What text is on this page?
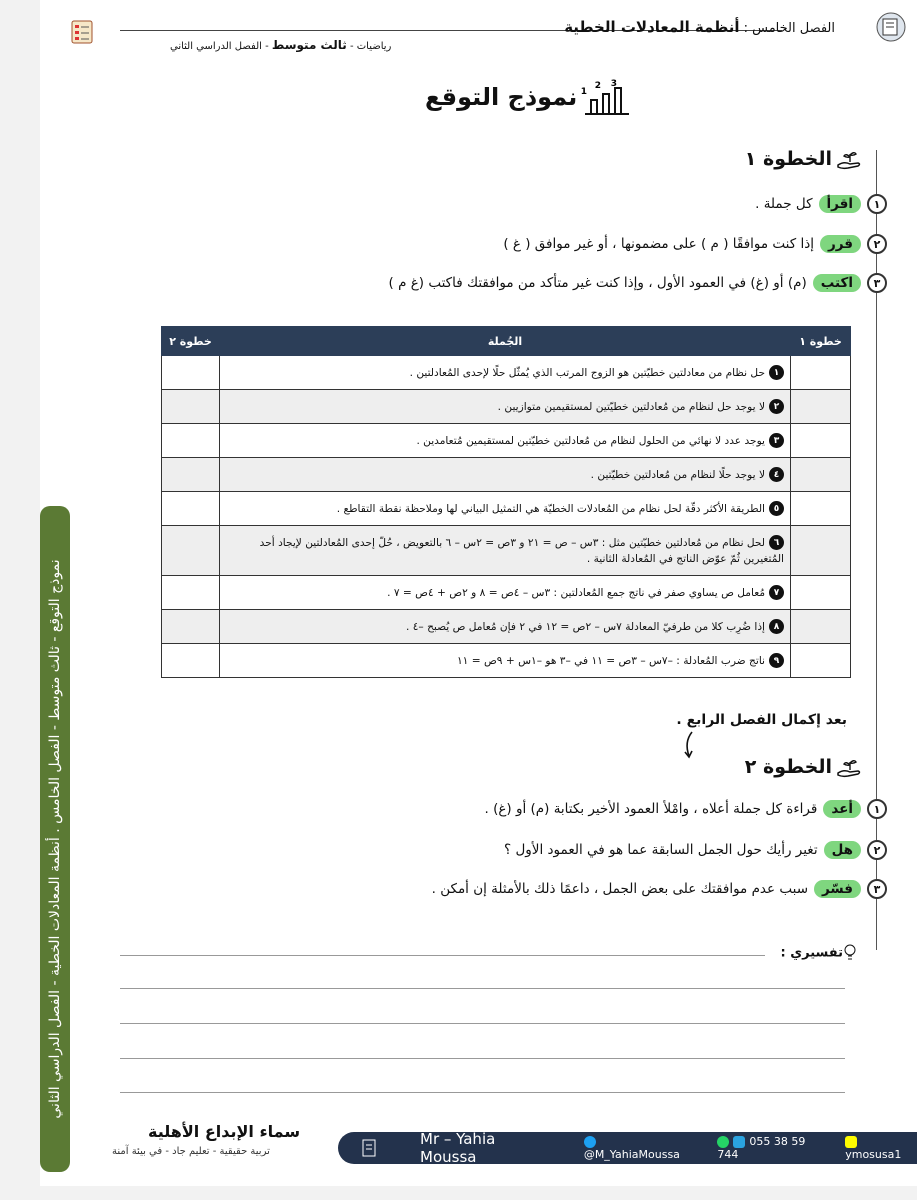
الفصل الخامس : أنظمة المعادلات الخطية
رياضيات - ثالث متوسط - الفصل الدراسي الثاني
1
2 3
نموذج التوقع
الخطوة ١
١
اقرأ
كل جملة .
٢
قرر
إذا كنت موافقًا ( م ) على مضمونها ، أو غير موافق ( غ )
٣
اكتب
(م) أو (غ) في العمود الأول ، وإذا كنت غير متأكد من موافقتك فاكتب (غ م )
خطوة ١	الجُملة	خطوة ٢
	١حل نظام من معادلتين خطيّتين هو الزوج المرتب الذي يُمثّل حلًا لإحدى المُعادلتين .	
	٢لا يوجد حل لنظام من مُعادلتين خطيّتين لمستقيمين متوازيين .	
	٣يوجد عدد لا نهائي من الحلول لنظام من مُعادلتين خطيّتين لمستقيمين مُتعامدين .	
	٤لا يوجد حلًا لنظام من مُعادلتين خطيّتين .	
	٥الطريقة الأكثر دقّة لحل نظام من المُعادلات الخطيّة هي التمثيل البياني لها وملاحظة نقطة التقاطع .	
	٦لحل نظام من مُعادلتين خطيّتين مثل : ٣س – ص = ٢١ و ٣ص = ٢س – ٦ بالتعويض ، حُلّ إحدى المُعادلتين لإيجاد أحد المُتغيرين ثُمّ عوّض الناتج في المُعادلة الثانية .	
	٧مُعامل ص يساوي صفر في ناتج جمع المُعادلتين : ٣س – ٤ص = ٨ و ٢ص + ٤ص = ٧ .	
	٨إذا ضُرِب كلا من طرفيّ المعادلة ٧س – ٢ص = ١٢ في ٢ فإن مُعامل ص يُصبح –٤ .	
	٩ناتج ضرب المُعادلة : –٧س – ٣ص = ١١ في –٣ هو –١س + ٩ص = ١١	
بعد إكمال الفصل الرابع .
الخطوة ٢
١
أعد
قراءة كل جملة أعلاه ، وامْلأ العمود الأخير بكتابة (م) أو (غ) .
٢
هل
تغير رأيك حول الجمل السابقة عما هو في العمود الأول ؟
٣
فسّر
سبب عدم موافقتك على بعض الجمل ، داعمًا ذلك بالأمثلة إن أمكن .
تفسيري :
نموذج التوقع - ثالث متوسط - الفصل الخامس . أنظمة المعادلات الخطية - الفصل الدراسي الثاني
سماء الإبداع الأهلية
تربية حقيقية - تعليم جاد - في بيئة آمنة
Mr – Yahia Moussa	@M_YahiaMoussa
055 38 59 744	ymosusa1
